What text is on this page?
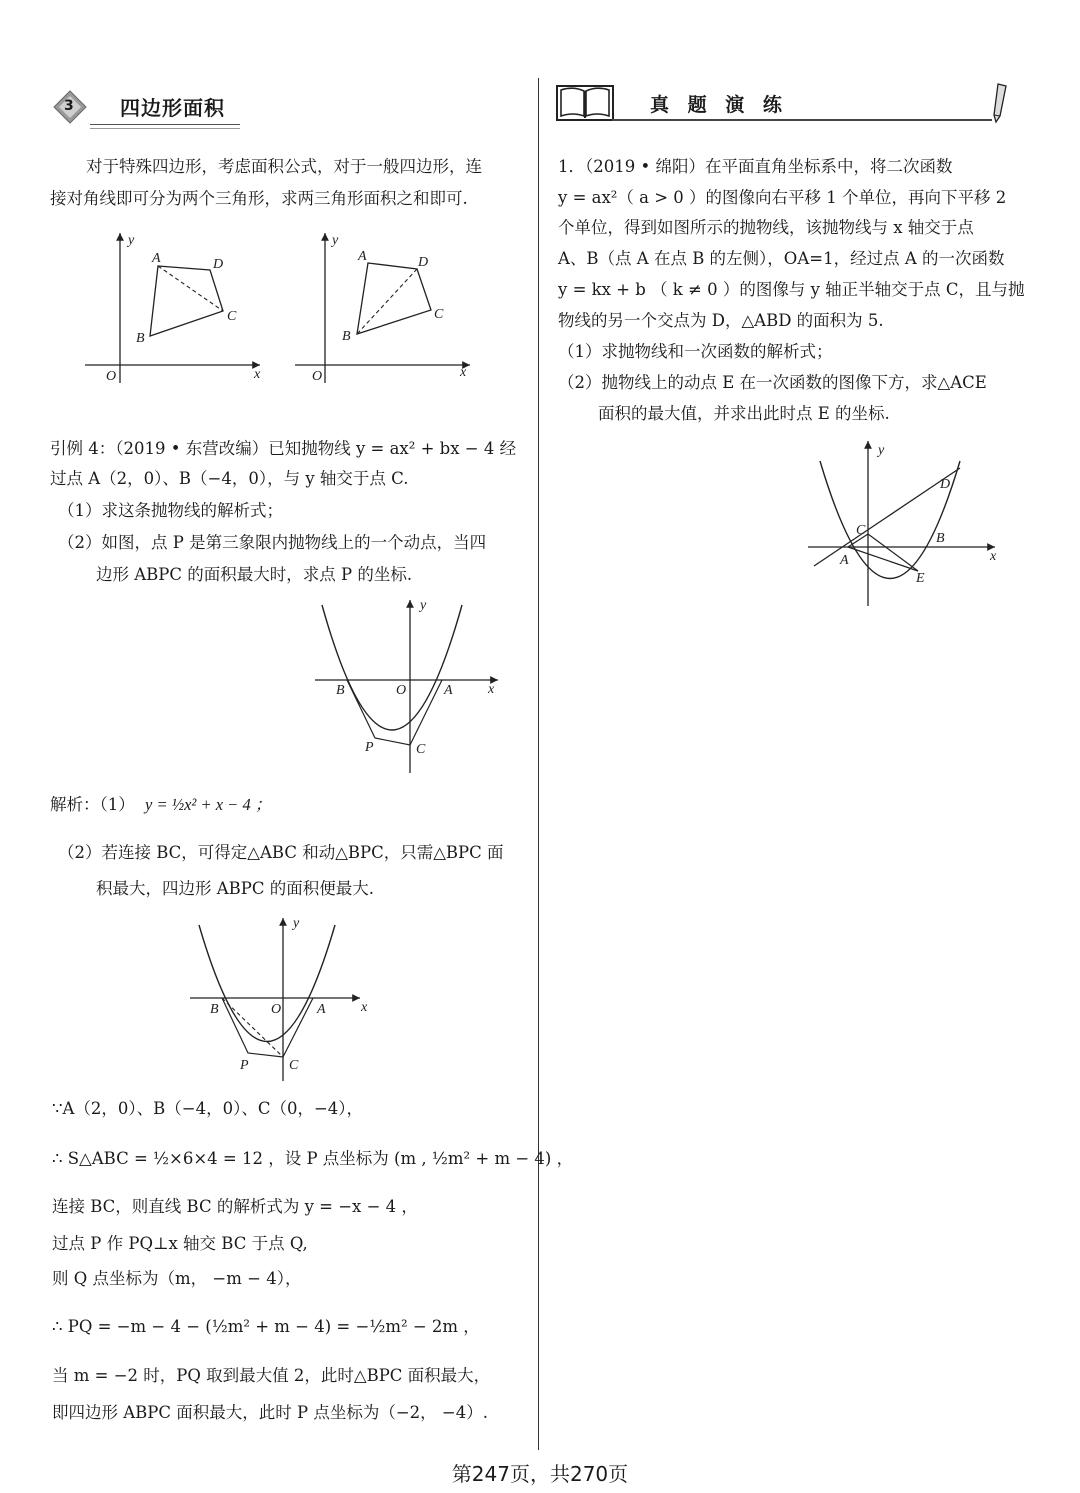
3 四边形面积
对于特殊四边形，考虑面积公式，对于一般四边形，连
接对角线即可分为两个三角形，求两三角形面积之和即可.
y
x
O
A	D
C
B
y
x
O
A	D
C
B
引例 4：（2019 • 东营改编）已知抛物线 y = ax² + bx − 4 经
过点 A（2，0）、B（−4，0），与 y 轴交于点 C.
（1）求这条抛物线的解析式；
（2）如图，点 P 是第三象限内抛物线上的一个动点，当四
边形 ABPC 的面积最大时，求点 P 的坐标.
y
x
B	O	A
P	C
解析：（1） y = ½x² + x − 4 ；
（2）若连接 BC，可得定△ABC 和动△BPC，只需△BPC 面
积最大，四边形 ABPC 的面积便最大.
y
x
B	O	A
P	C
∵A（2，0）、B（−4，0）、C（0，−4），
∴ S△ABC = ½×6×4 = 12 ，设 P 点坐标为 (m , ½m² + m − 4) ，
连接 BC，则直线 BC 的解析式为 y = −x − 4 ，
过点 P 作 PQ⊥x 轴交 BC 于点 Q,
则 Q 点坐标为（m， −m − 4），
∴ PQ = −m − 4 − (½m² + m − 4) = −½m² − 2m ，
当 m = −2 时，PQ 取到最大值 2，此时△BPC 面积最大，
即四边形 ABPC 面积最大，此时 P 点坐标为（−2， −4）.
真 题 演 练
1．（2019 • 绵阳）在平面直角坐标系中，将二次函数
y = ax²（ a > 0 ）的图像向右平移 1 个单位，再向下平移 2
个单位，得到如图所示的抛物线，该抛物线与 x 轴交于点
A、B（点 A 在点 B 的左侧），OA=1，经过点 A 的一次函数
y = kx + b （ k ≠ 0 ）的图像与 y 轴正半轴交于点 C，且与抛
物线的另一个交点为 D，△ABD 的面积为 5.
（1）求抛物线和一次函数的解析式；
（2）抛物线上的动点 E 在一次函数的图像下方，求△ACE
面积的最大值，并求出此时点 E 的坐标.
y
x
D
C
B
A
E
第247页，共270页
